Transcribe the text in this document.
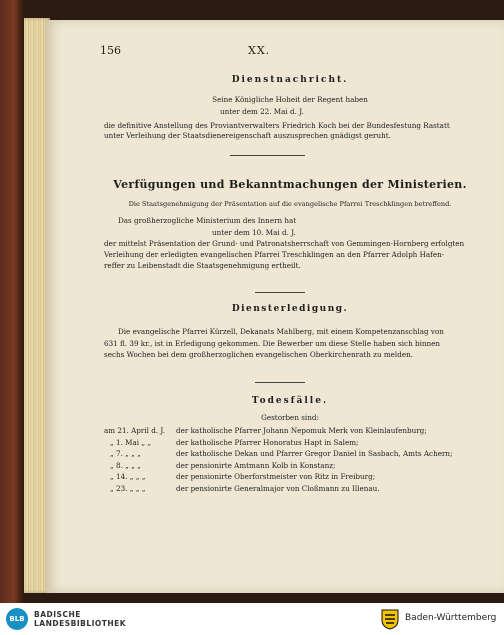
156	XX.
Dienstnachricht.
Seine Königliche Hoheit der Regent haben
unter dem 22. Mai d. J.
die definitive Anstellung des Proviantverwalters Friedrich Koch bei der Bundesfestung Rastatt
unter Verleihung der Staatsdienereigenschaft auszusprechen gnädigst geruht.
Verfügungen und Bekanntmachungen der Ministerien.
Die Staatsgenehmigung der Präsentation auf die evangelische Pfarrei Treschklingen betreffend.
Das großherzogliche Ministerium des Innern hat
unter dem 10. Mai d. J.
der mittelst Präsentation der Grund- und Patronatsherrschaft von Gemmingen-Hornberg erfolgten
Verleihung der erledigten evangelischen Pfarrei Treschklingen an den Pfarrer Adolph Hafen-
reffer zu Leibenstadt die Staatsgenehmigung ertheilt.
Diensterledigung.
Die evangelische Pfarrei Kürzell, Dekanats Mahlberg, mit einem Kompetenzanschlag von
631 fl. 39 kr., ist in Erledigung gekommen. Die Bewerber um diese Stelle haben sich binnen
sechs Wochen bei dem großherzoglichen evangelischen Oberkirchenrath zu melden.
Todesfälle.
Gestorben sind:
am 21. April d. J.	der katholische Pfarrer Johann Nepomuk Merk von Kleinlaufenburg;
„ 1. Mai „ „	der katholische Pfarrer Honoratus Hapt in Salem;
„ 7. „ „ „	der katholische Dekan und Pfarrer Gregor Daniel in Sasbach, Amts Achern;
„ 8. „ „ „	der pensionirte Amtmann Kolb in Konstanz;
„ 14. „ „ „	der pensionirte Oberforstmeister von Ritz in Freiburg;
„ 23. „ „ „	der pensionirte Generalmajor von Cloßmann zu Illenau.
BLB	BADISCHE
LANDESBIBLIOTHEK
Baden-Württemberg
